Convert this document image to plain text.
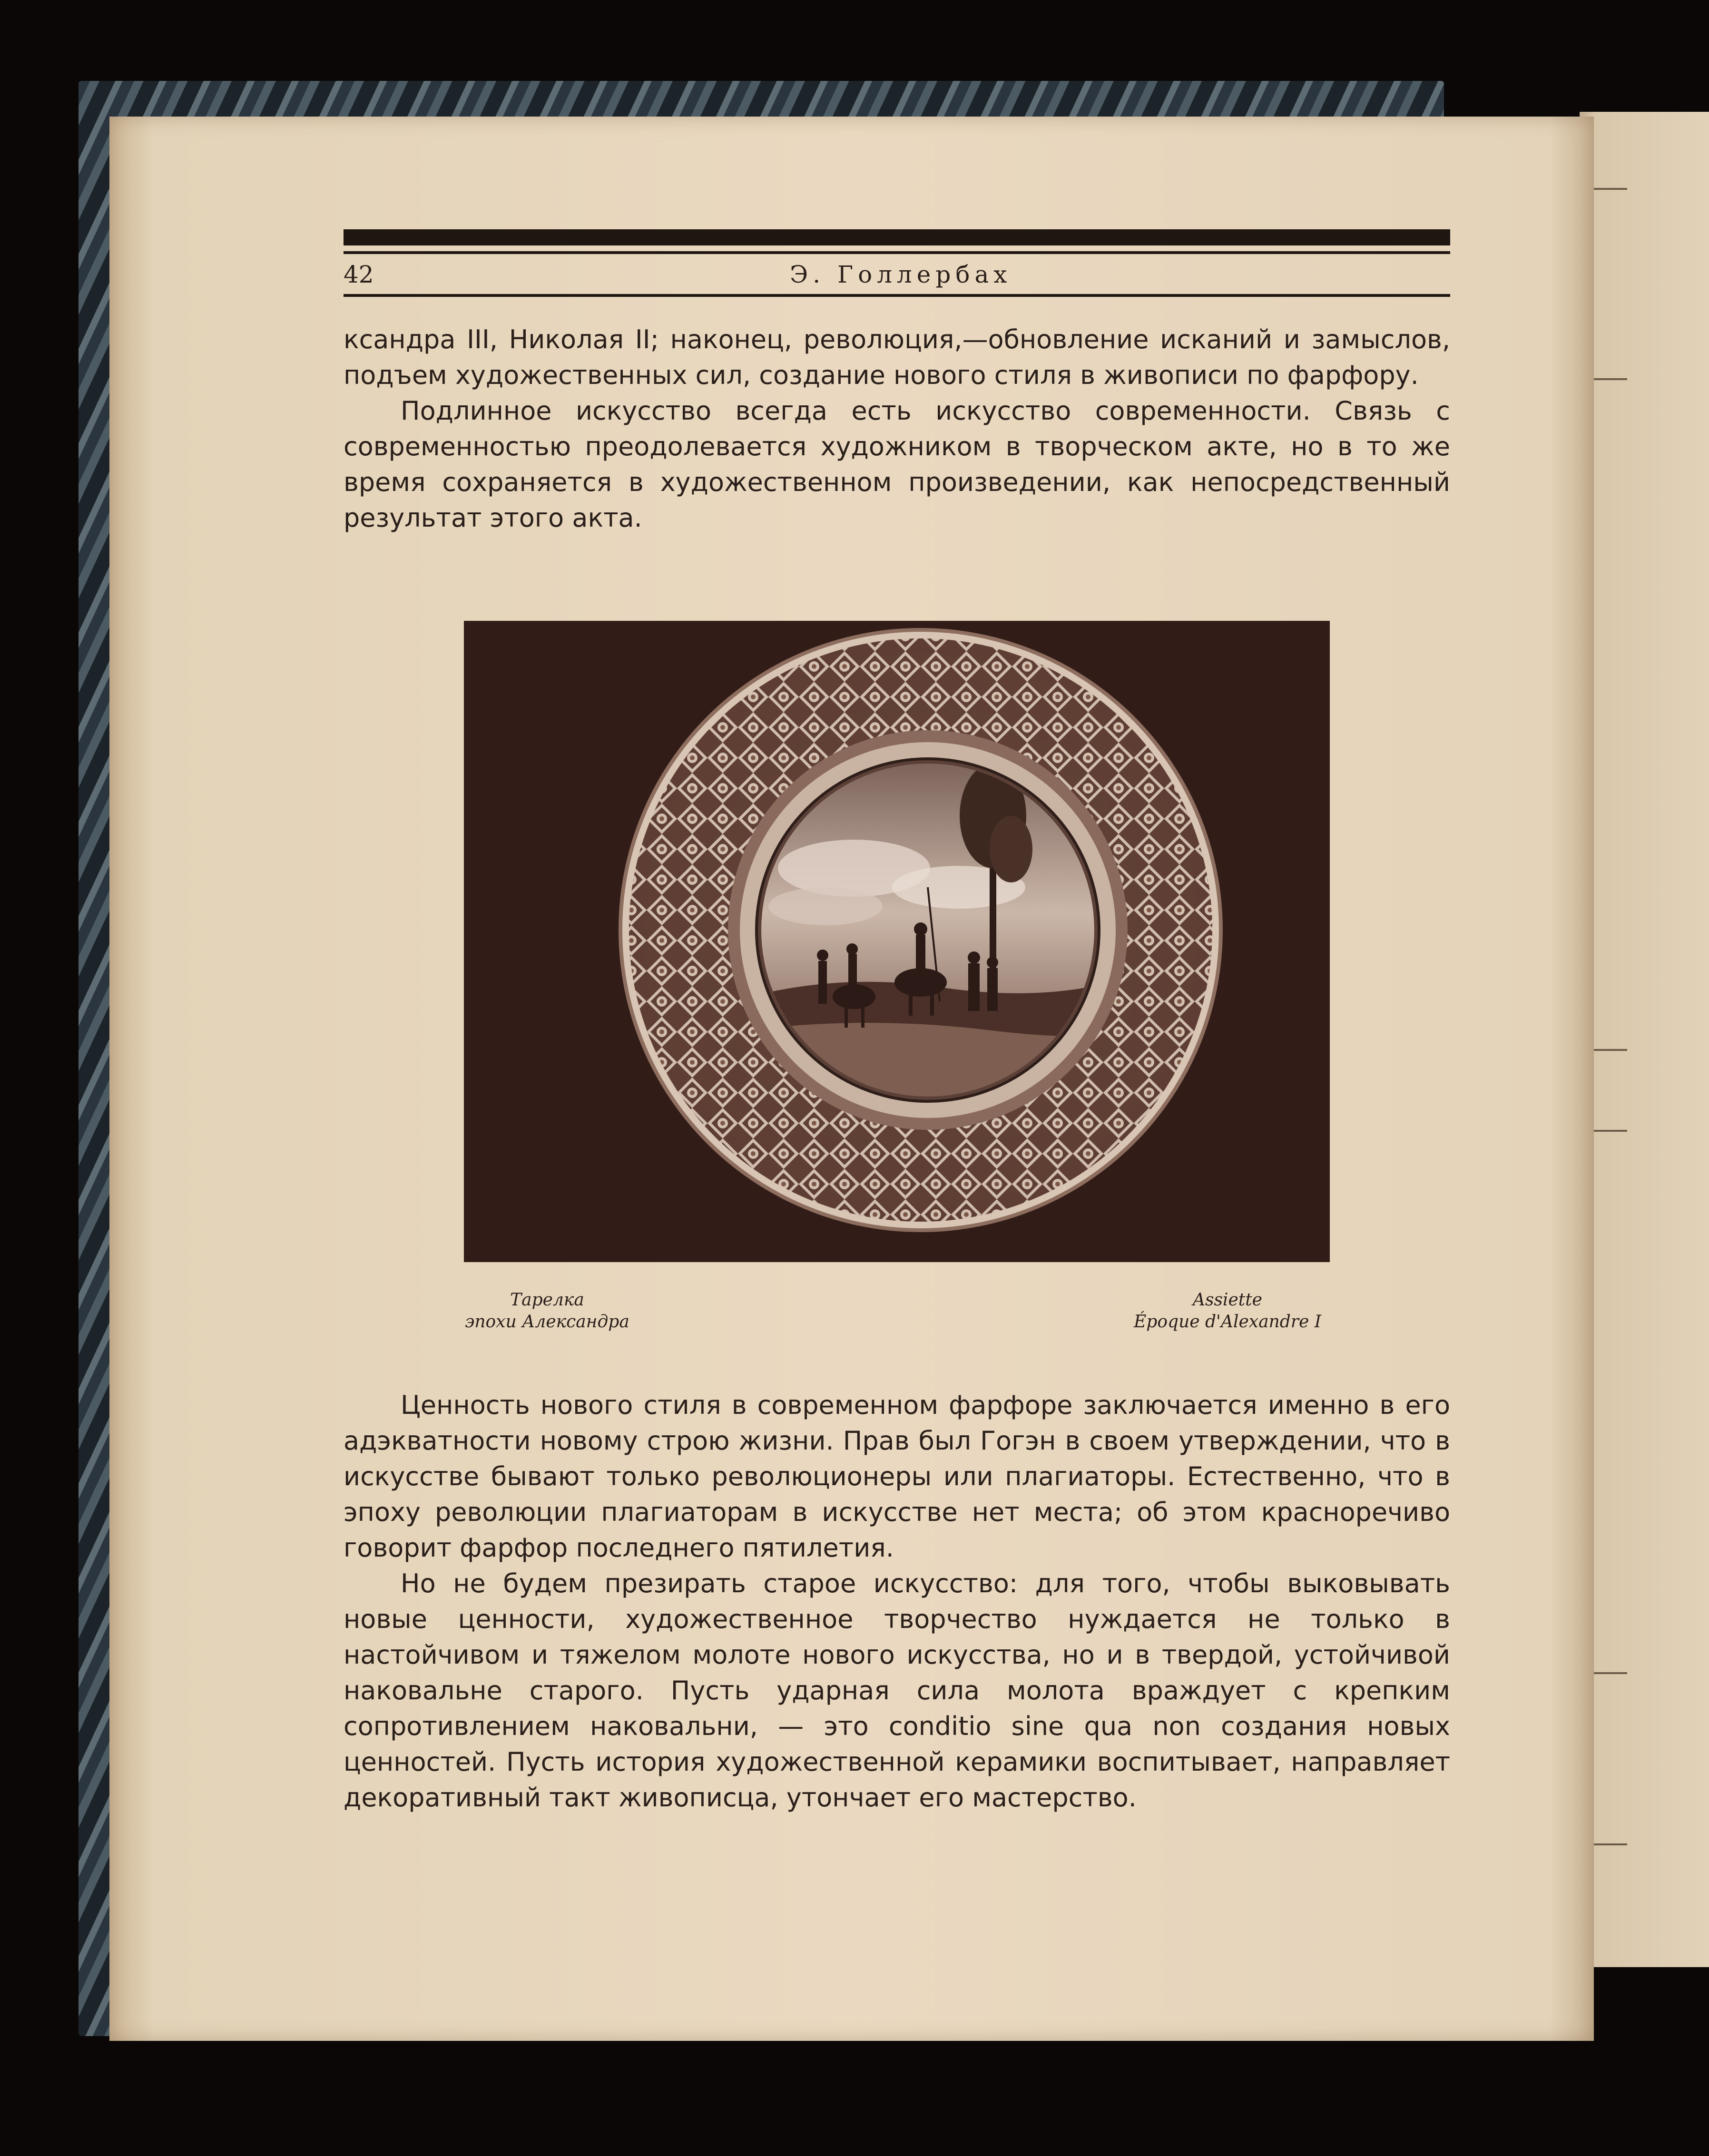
42	Э. Голлербах

ксандра III, Николая II; наконец, революция,—обновление исканий и замыслов, подъем художественных сил, создание нового стиля в живописи по фарфору.

Подлинное искусство всегда есть искусство современности. Связь с современностью преодолевается художником в творческом акте, но в то же время сохраняется в художественном произведении, как непосредственный результат этого акта.

Тарелка
эпохи Александра
Assiette
Époque d'Alexandre I

Ценность нового стиля в современном фарфоре заключается именно в его адэкватности новому строю жизни. Прав был Гогэн в своем утверждении, что в искусстве бывают только революционеры или плагиаторы. Естественно, что в эпоху революции плагиаторам в искусстве нет места; об этом красноречиво говорит фарфор последнего пятилетия.

Но не будем презирать старое искусство: для того, чтобы выковывать новые ценности, художественное творчество нуждается не только в настойчивом и тяжелом молоте нового искусства, но и в твердой, устойчивой наковальне старого. Пусть ударная сила молота враждует с крепким сопротивлением наковальни, — это conditio sine qua non создания новых ценностей. Пусть история художественной керамики воспитывает, направляет декоративный такт живописца, утончает его мастерство.
